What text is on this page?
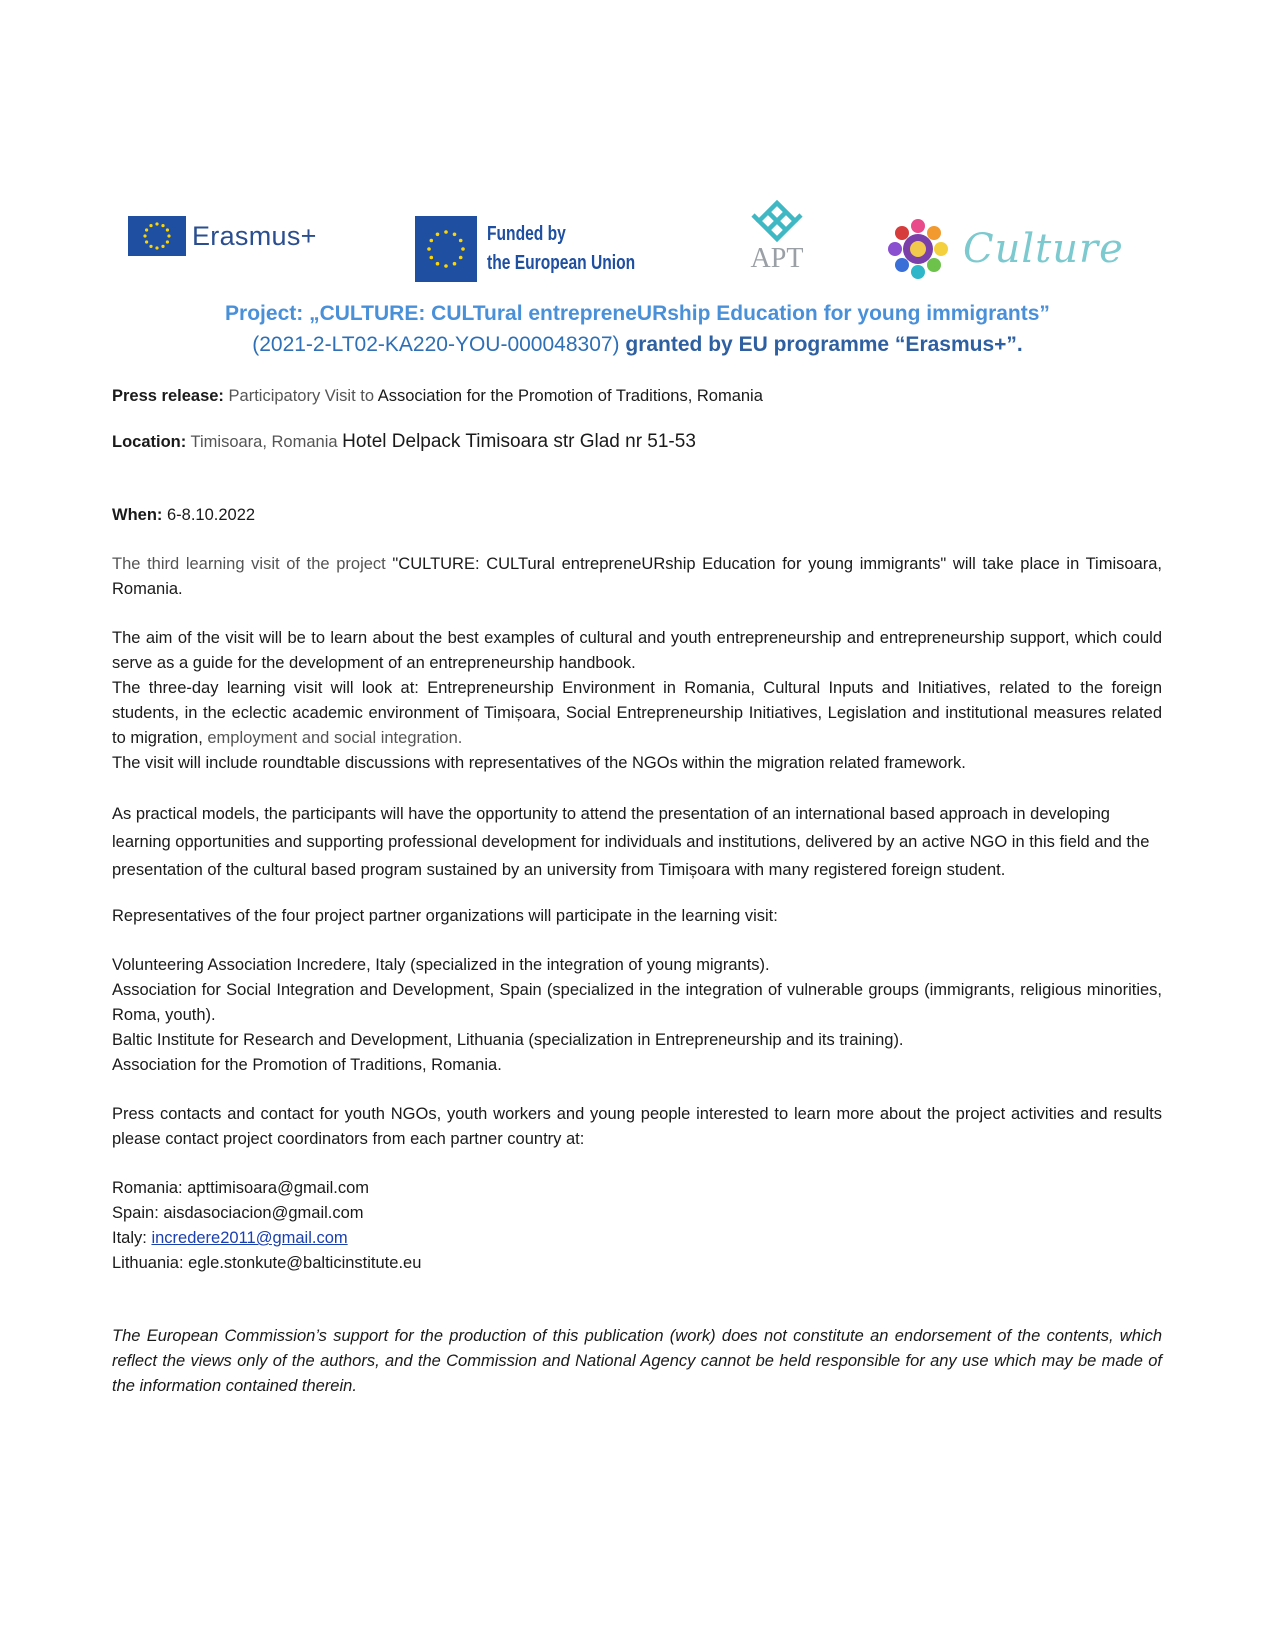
Erasmus+	Funded by
the European Union	APT	Culture
Project: „CULTURE: CULTural entrepreneURship Education for young immigrants”
(2021-2-LT02-KA220-YOU-000048307) granted by EU programme “Erasmus+”.

Press release: Participatory Visit to Association for the Promotion of Traditions, Romania

Location: Timisoara, Romania Hotel Delpack Timisoara str Glad nr 51-53

When: 6-8.10.2022

The third learning visit of the project "CULTURE: CULTural entrepreneURship Education for young immigrants" will take place in Timisoara, Romania.

The aim of the visit will be to learn about the best examples of cultural and youth entrepreneurship and entrepreneurship support, which could serve as a guide for the development of an entrepreneurship handbook.

The three-day learning visit will look at: Entrepreneurship Environment in Romania, Cultural Inputs and Initiatives, related to the foreign students, in the eclectic academic environment of Timișoara, Social Entrepreneurship Initiatives, Legislation and institutional measures related to migration, employment and social integration.

The visit will include roundtable discussions with representatives of the NGOs within the migration related framework.

As practical models, the participants will have the opportunity to attend the presentation of an international based approach in developing learning opportunities and supporting professional development for individuals and institutions, delivered by an active NGO in this field and the presentation of the cultural based program sustained by an university from Timișoara with many registered foreign student.

Representatives of the four project partner organizations will participate in the learning visit:

Volunteering Association Incredere, Italy (specialized in the integration of young migrants).

Association for Social Integration and Development, Spain (specialized in the integration of vulnerable groups (immigrants, religious minorities, Roma, youth).

Baltic Institute for Research and Development, Lithuania (specialization in Entrepreneurship and its training).

Association for the Promotion of Traditions, Romania.

Press contacts and contact for youth NGOs, youth workers and young people interested to learn more about the project activities and results please contact project coordinators from each partner country at:

Romania: apttimisoara@gmail.com

Spain: aisdasociacion@gmail.com

Italy: incredere2011@gmail.com

Lithuania: egle.stonkute@balticinstitute.eu

The European Commission’s support for the production of this publication (work) does not constitute an endorsement of the contents, which reflect the views only of the authors, and the Commission and National Agency cannot be held responsible for any use which may be made of the information contained therein.
